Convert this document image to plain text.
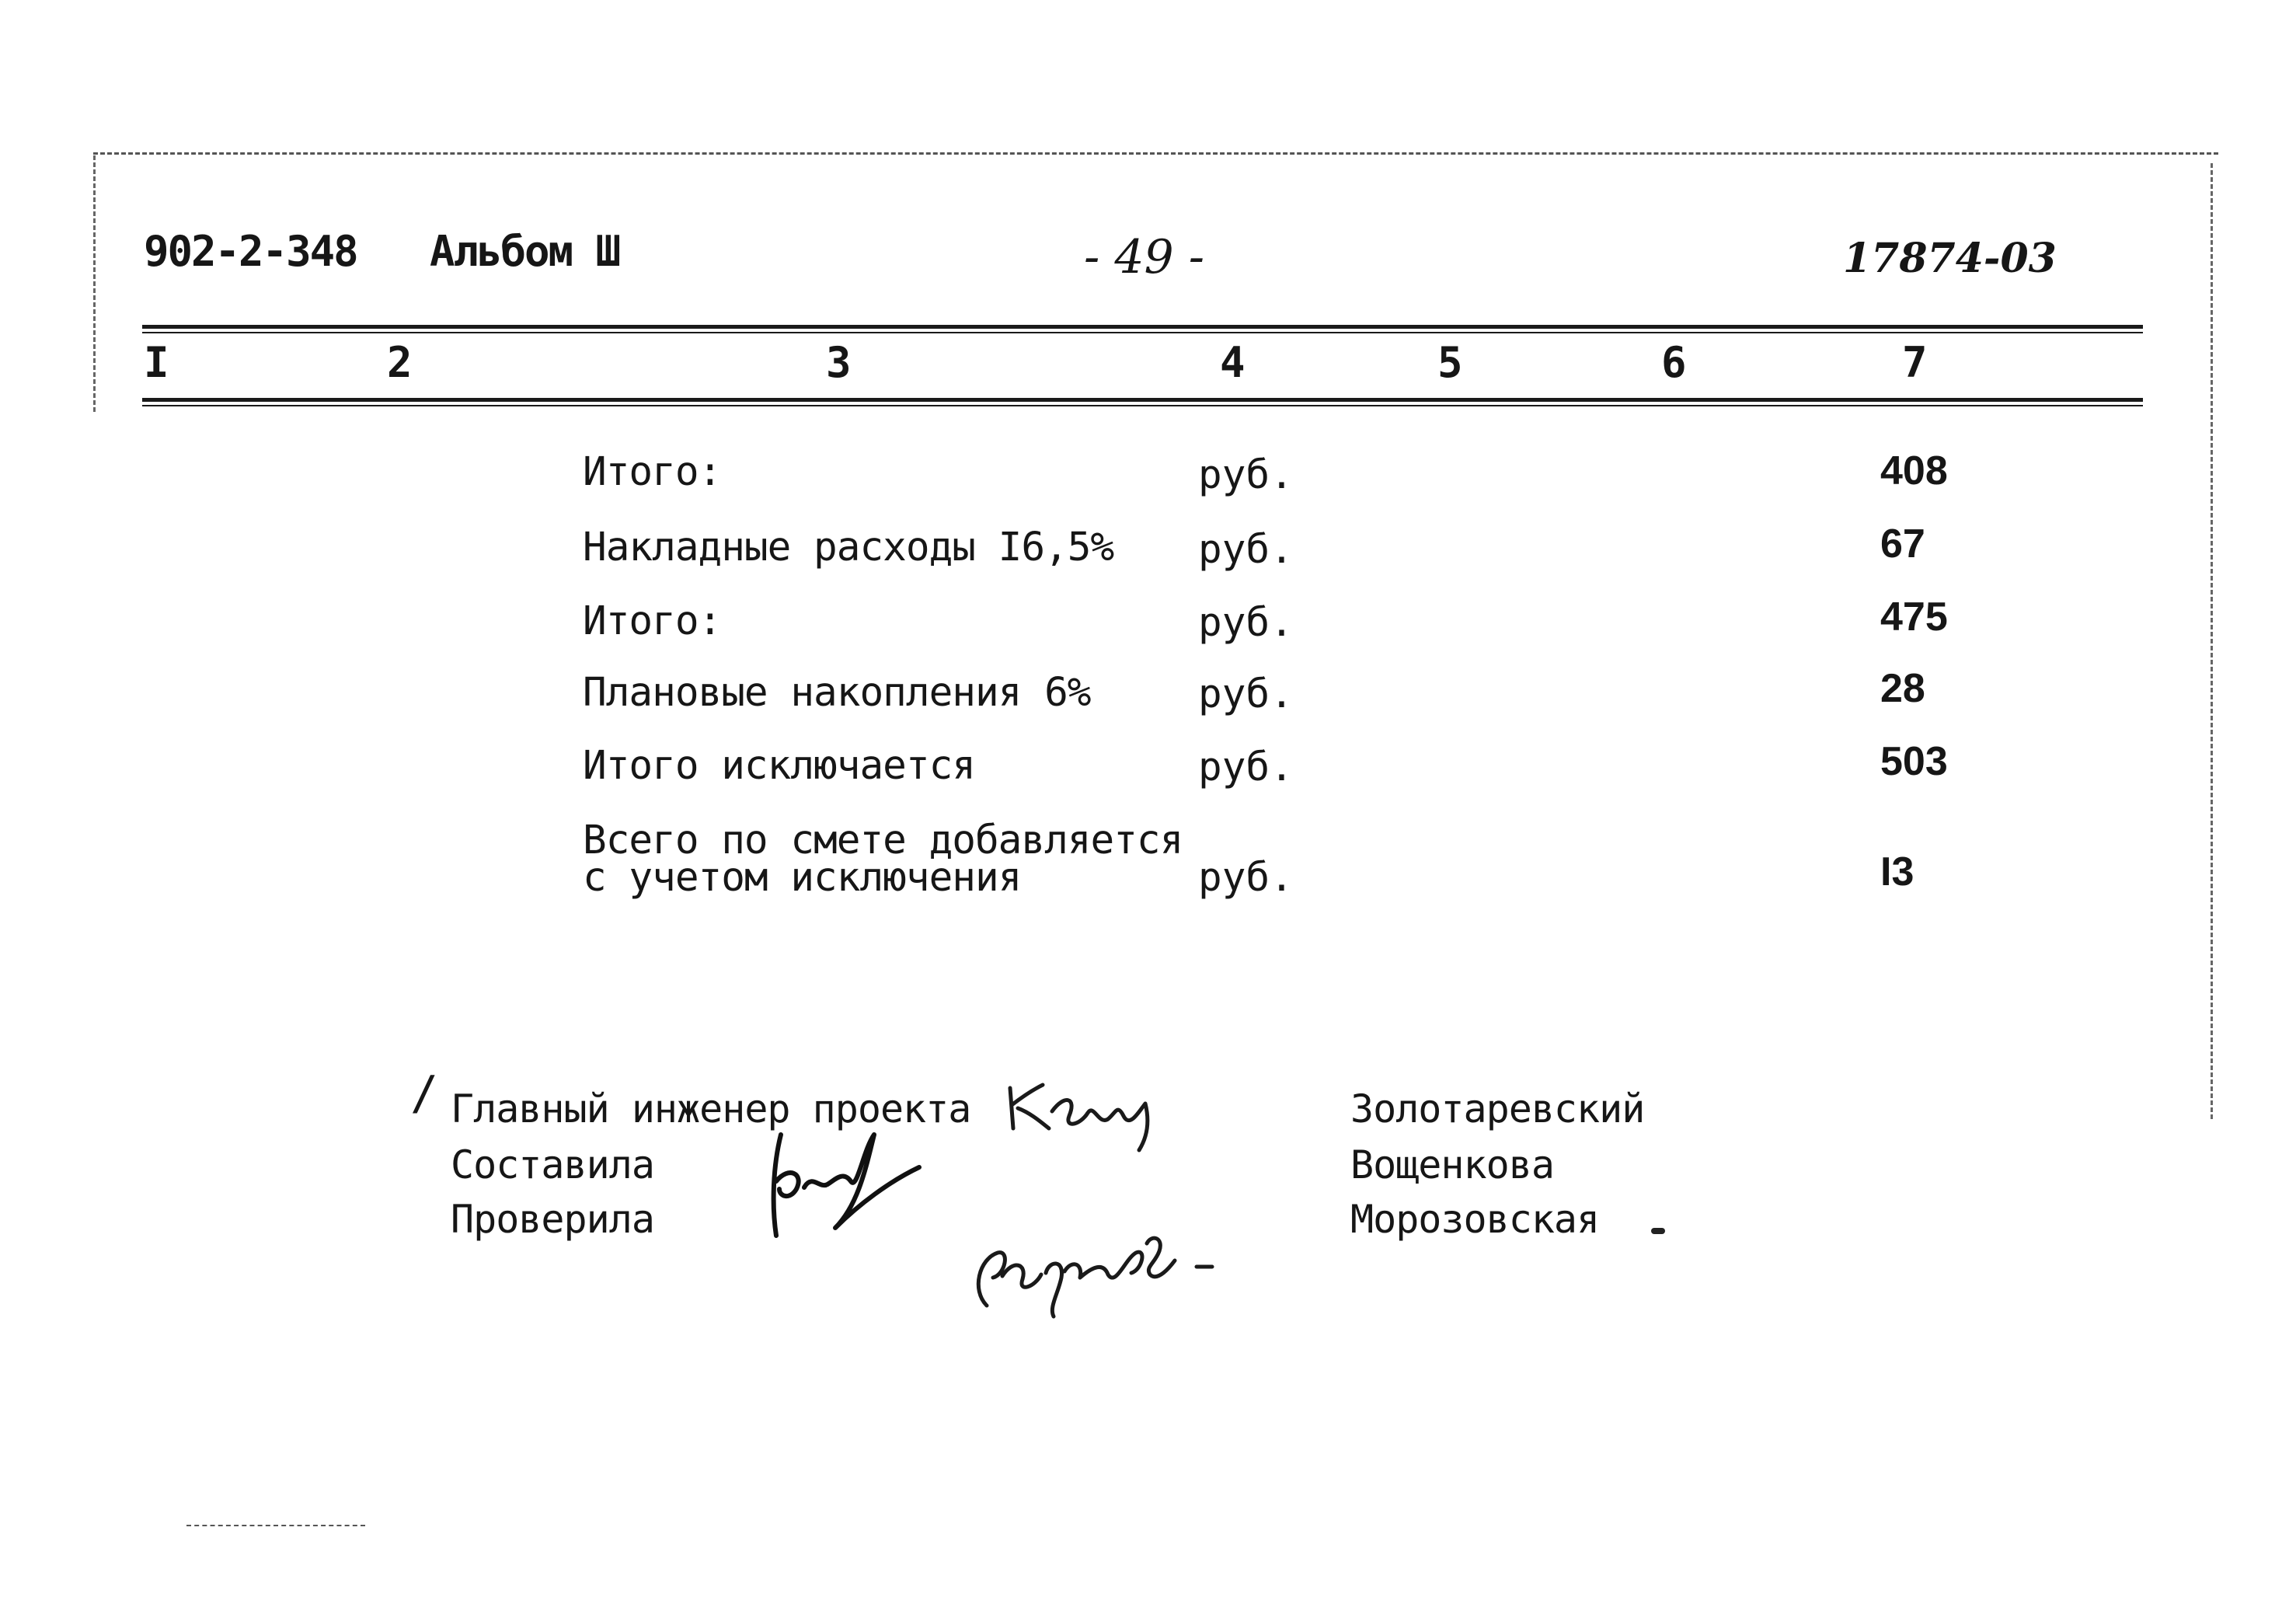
902-2-348 Альбом Ш	- 49 -	17874-03
I	2	3	4	5	6	7
Итого:	руб.	408
Накладные расходы I6,5% руб.	67
Итого:	руб.	475
Плановые накопления 6%	руб.	28
Итого исключается	руб.	503
Всего по смете добавляется
с учетом исключения	руб.	I3
/ Главный инженер проекта
Составила
Проверила
Золотаревский
Вощенкова
Морозовская
